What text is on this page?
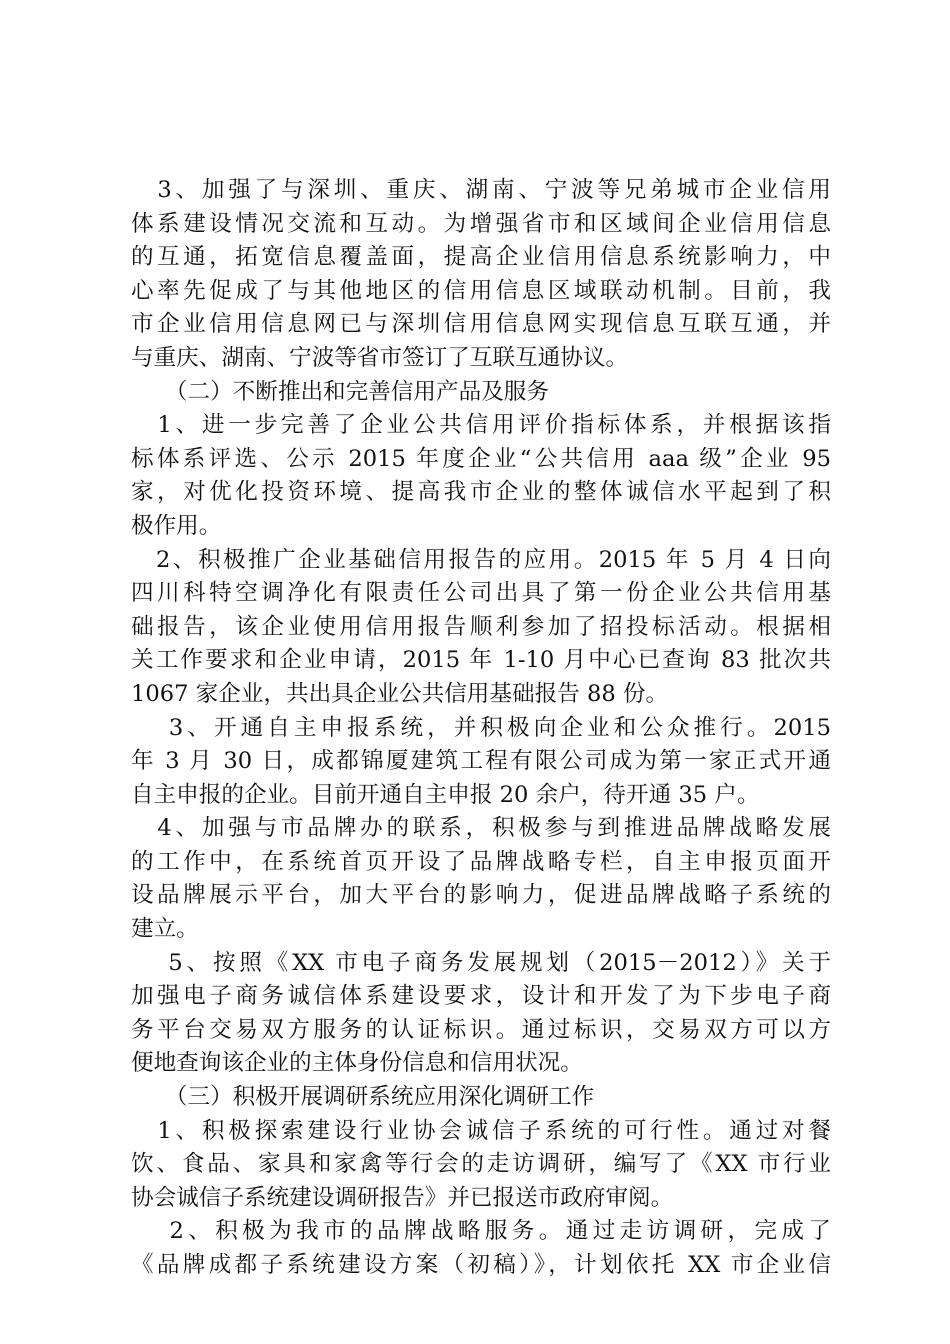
　3、加强了与深圳、重庆、湖南、宁波等兄弟城市企业信用
体系建设情况交流和互动。为增强省市和区域间企业信用信息
的互通，拓宽信息覆盖面，提高企业信用信息系统影响力，中
心率先促成了与其他地区的信用信息区域联动机制。目前，我
市企业信用信息网已与深圳信用信息网实现信息互联互通，并
与重庆、湖南、宁波等省市签订了互联互通协议。
　　（二）不断推出和完善信用产品及服务
　1、进一步完善了企业公共信用评价指标体系，并根据该指
标体系评选、公示 2015 年度企业“公共信用 aaa 级”企业 95
家，对优化投资环境、提高我市企业的整体诚信水平起到了积
极作用。
　2、积极推广企业基础信用报告的应用。2015 年 5 月 4 日向
四川科特空调净化有限责任公司出具了第一份企业公共信用基
础报告，该企业使用信用报告顺利参加了招投标活动。根据相
关工作要求和企业申请，2015 年 1-10 月中心已查询 83 批次共
1067 家企业，共出具企业公共信用基础报告 88 份。
　 3、开通自主申报系统，并积极向企业和公众推行。2015
年 3 月 30 日，成都锦厦建筑工程有限公司成为第一家正式开通
自主申报的企业。目前开通自主申报 20 余户，待开通 35 户。
　4、加强与市品牌办的联系，积极参与到推进品牌战略发展
的工作中，在系统首页开设了品牌战略专栏，自主申报页面开
设品牌展示平台，加大平台的影响力，促进品牌战略子系统的
建立。
　 5、按照《XX 市电子商务发展规划（2015－2012）》关于
加强电子商务诚信体系建设要求，设计和开发了为下步电子商
务平台交易双方服务的认证标识。通过标识，交易双方可以方
便地查询该企业的主体身份信息和信用状况。
　　（三）积极开展调研系统应用深化调研工作
　1、积极探索建设行业协会诚信子系统的可行性。通过对餐
饮、食品、家具和家禽等行会的走访调研，编写了《XX 市行业
协会诚信子系统建设调研报告》并已报送市政府审阅。
　 2、积极为我市的品牌战略服务。通过走访调研，完成了
《品牌成都子系统建设方案（初稿）》，计划依托 XX 市企业信
